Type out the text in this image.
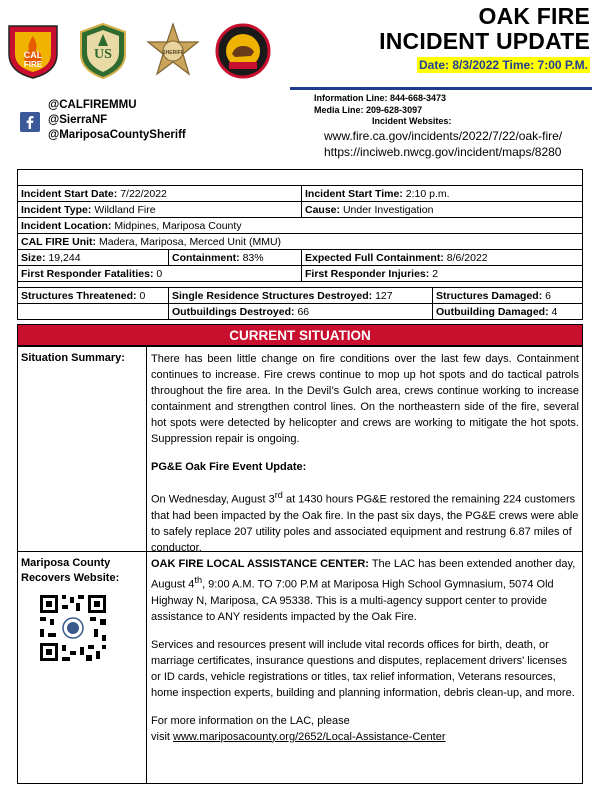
CAL
FIRE
US	SHERIFF
OAK FIRE
INCIDENT UPDATE
Date: 8/3/2022 Time: 7:00 P.M.
@CALFIREMMU
@SierraNF
@MariposaCountySheriff
Information Line: 844-668-3473
Media Line: 209-628-3097
Incident Websites:
www.fire.ca.gov/incidents/2022/7/22/oak-fire/
https://inciweb.nwcg.gov/incident/maps/8280

Incident Start Date: 7/22/2022		Incident Start Time: 2:10 p.m.	
Incident Type: Wildland Fire		Cause: Under Investigation	
Incident Location: Midpines, Mariposa County			
CAL FIRE Unit: Madera, Mariposa, Merced Unit (MMU)			
Size: 19,244	Containment: 83%	Expected Full Containment: 8/6/2022	
First Responder Fatalities: 0		First Responder Injuries: 2	

Structures Threatened: 0	Single Residence Structures Destroyed: 127		Structures Damaged: 6
	Outbuildings Destroyed: 66		Outbuilding Damaged: 4
CURRENT SITUATION
Situation Summary: There has been little change on fire conditions over the last few days. Containment continues to increase. Fire crews continue to mop up hot spots and do tactical patrols throughout the fire area. In the Devil’s Gulch area, crews continue working to increase containment and strengthen control lines. On the northeastern side of the fire, several hot spots were detected by helicopter and crews are working to mitigate the hot spots. Suppression repair is ongoing.

PG&E Oak Fire Event Update:

On Wednesday, August 3rd at 1430 hours PG&E restored the remaining 224 customers that had been impacted by the Oak fire. In the past six days, the PG&E crews were able to safely replace 207 utility poles and associated equipment and restrung 6.87 miles of conductor.

Mariposa County
Recovers Website:

OAK FIRE LOCAL ASSISTANCE CENTER: The LAC has been extended another day, August 4th, 9:00 A.M. TO 7:00 P.M at Mariposa High School Gymnasium, 5074 Old Highway N, Mariposa, CA 95338. This is a multi-agency support center to provide assistance to ANY residents impacted by the Oak Fire.

Services and resources present will include vital records offices for birth, death, or marriage certificates, insurance questions and disputes, replacement drivers' licenses or ID cards, vehicle registrations or titles, tax relief information, Veterans resources, home inspection experts, building and planning information, debris clean-up, and more.

For more information on the LAC, please
visit www.mariposacounty.org/2652/Local-Assistance-Center
